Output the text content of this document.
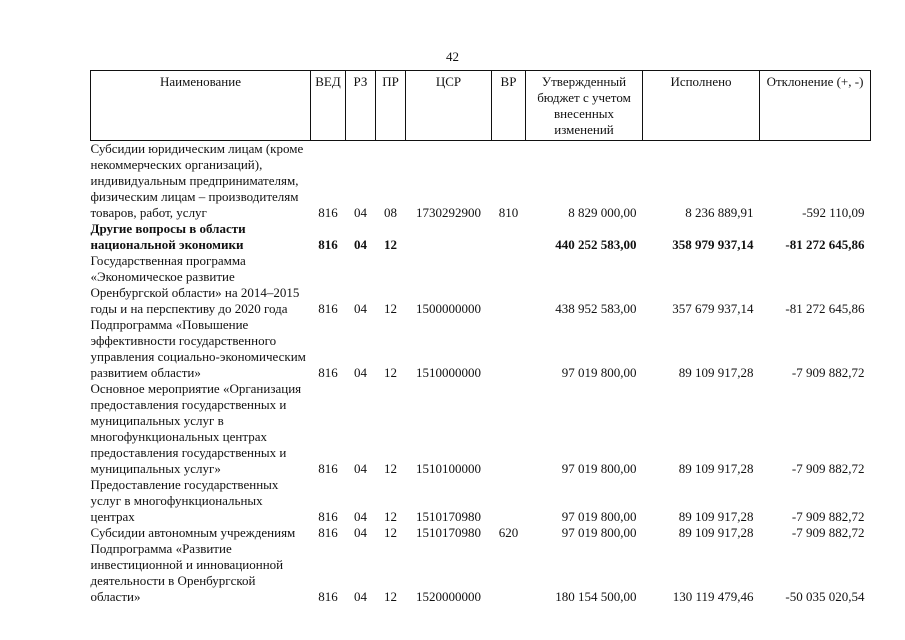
42
Наименование	ВЕД	РЗ	ПР	ЦСР	ВР	Утвержденный бюджет с учетом внесенных изменений	Исполнено	Отклонение (+, -)
Субсидии юридическим лицам (кроме некоммерческих организаций), индивидуальным предпринимателям, физическим лицам – производителям товаров, работ, услуг	816	04	08	1730292900	810	8 829 000,00	8 236 889,91	-592 110,09
Другие вопросы в области национальной экономики	816	04	12			440 252 583,00	358 979 937,14	-81 272 645,86
Государственная программа «Экономическое развитие Оренбургской области» на 2014–2015 годы и на перспективу до 2020 года	816	04	12	1500000000		438 952 583,00	357 679 937,14	-81 272 645,86
Подпрограмма «Повышение эффективности государственного управления социально-экономическим развитием области»	816	04	12	1510000000		97 019 800,00	89 109 917,28	-7 909 882,72
Основное мероприятие «Организация предоставления государственных и муниципальных услуг в многофункциональных центрах предоставления государственных и муниципальных услуг»	816	04	12	1510100000		97 019 800,00	89 109 917,28	-7 909 882,72
Предоставление государственных услуг в многофункциональных центрах	816	04	12	1510170980		97 019 800,00	89 109 917,28	-7 909 882,72
Субсидии автономным учреждениям	816	04	12	1510170980	620	97 019 800,00	89 109 917,28	-7 909 882,72
Подпрограмма «Развитие инвестиционной и инновационной деятельности в Оренбургской области»	816	04	12	1520000000		180 154 500,00	130 119 479,46	-50 035 020,54
